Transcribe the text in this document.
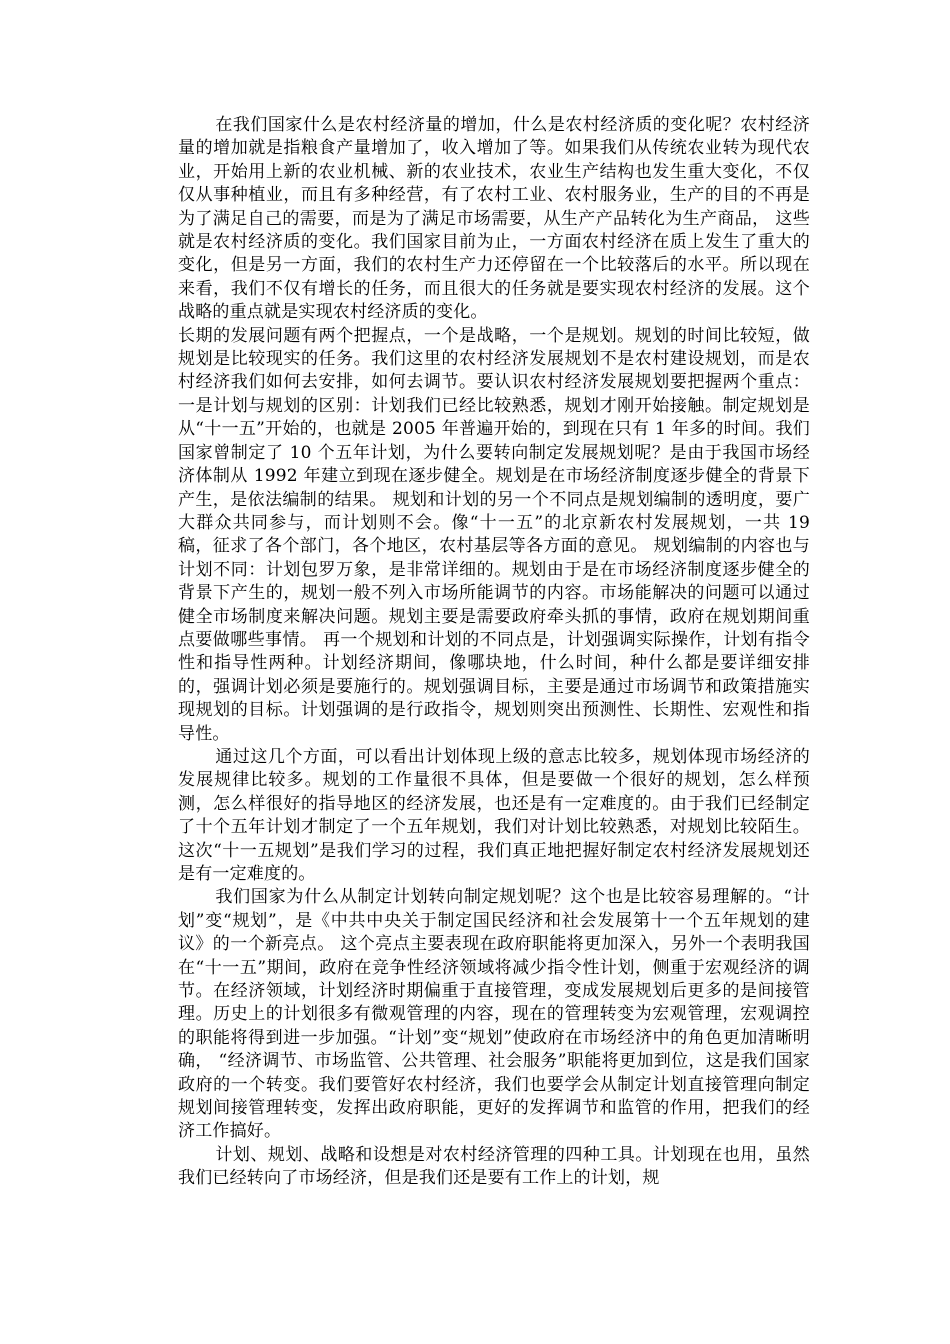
在我们国家什么是农村经济量的增加，什么是农村经济质的变化呢？农村经济量的增加就是指粮食产量增加了，收入增加了等。如果我们从传统农业转为现代农业，开始用上新的农业机械、新的农业技术，农业生产结构也发生重大变化，不仅仅从事种植业，而且有多种经营，有了农村工业、农村服务业，生产的目的不再是为了满足自己的需要，而是为了满足市场需要，从生产产品转化为生产商品， 这些就是农村经济质的变化。我们国家目前为止，一方面农村经济在质上发生了重大的变化，但是另一方面，我们的农村生产力还停留在一个比较落后的水平。所以现在来看，我们不仅有增长的任务，而且很大的任务就是要实现农村经济的发展。这个战略的重点就是实现农村经济质的变化。

长期的发展问题有两个把握点，一个是战略，一个是规划。规划的时间比较短，做规划是比较现实的任务。我们这里的农村经济发展规划不是农村建设规划，而是农村经济我们如何去安排，如何去调节。要认识农村经济发展规划要把握两个重点：一是计划与规划的区别：计划我们已经比较熟悉，规划才刚开始接触。制定规划是从“十一五”开始的，也就是 2005 年普遍开始的，到现在只有 1 年多的时间。我们国家曾制定了 10 个五年计划，为什么要转向制定发展规划呢？是由于我国市场经济体制从 1992 年建立到现在逐步健全。规划是在市场经济制度逐步健全的背景下产生，是依法编制的结果。 规划和计划的另一个不同点是规划编制的透明度，要广大群众共同参与，而计划则不会。像“十一五”的北京新农村发展规划，一共 19 稿，征求了各个部门，各个地区，农村基层等各方面的意见。 规划编制的内容也与计划不同：计划包罗万象，是非常详细的。规划由于是在市场经济制度逐步健全的背景下产生的，规划一般不列入市场所能调节的内容。市场能解决的问题可以通过健全市场制度来解决问题。规划主要是需要政府牵头抓的事情，政府在规划期间重点要做哪些事情。 再一个规划和计划的不同点是，计划强调实际操作，计划有指令性和指导性两种。计划经济期间，像哪块地，什么时间，种什么都是要详细安排的，强调计划必须是要施行的。规划强调目标，主要是通过市场调节和政策措施实现规划的目标。计划强调的是行政指令，规划则突出预测性、长期性、宏观性和指导性。

通过这几个方面，可以看出计划体现上级的意志比较多，规划体现市场经济的发展规律比较多。规划的工作量很不具体，但是要做一个很好的规划，怎么样预测，怎么样很好的指导地区的经济发展，也还是有一定难度的。由于我们已经制定了十个五年计划才制定了一个五年规划，我们对计划比较熟悉，对规划比较陌生。这次“十一五规划”是我们学习的过程，我们真正地把握好制定农村经济发展规划还是有一定难度的。

我们国家为什么从制定计划转向制定规划呢？这个也是比较容易理解的。“计划”变“规划”，是《中共中央关于制定国民经济和社会发展第十一个五年规划的建议》的一个新亮点。 这个亮点主要表现在政府职能将更加深入，另外一个表明我国在“十一五”期间，政府在竞争性经济领域将减少指令性计划，侧重于宏观经济的调节。在经济领域，计划经济时期偏重于直接管理，变成发展规划后更多的是间接管理。历史上的计划很多有微观管理的内容，现在的管理转变为宏观管理，宏观调控的职能将得到进一步加强。“计划”变“规划”使政府在市场经济中的角色更加清晰明确， “经济调节、市场监管、公共管理、社会服务”职能将更加到位，这是我们国家政府的一个转变。我们要管好农村经济，我们也要学会从制定计划直接管理向制定规划间接管理转变，发挥出政府职能，更好的发挥调节和监管的作用，把我们的经济工作搞好。

计划、规划、战略和设想是对农村经济管理的四种工具。计划现在也用，虽然我们已经转向了市场经济，但是我们还是要有工作上的计划，规
